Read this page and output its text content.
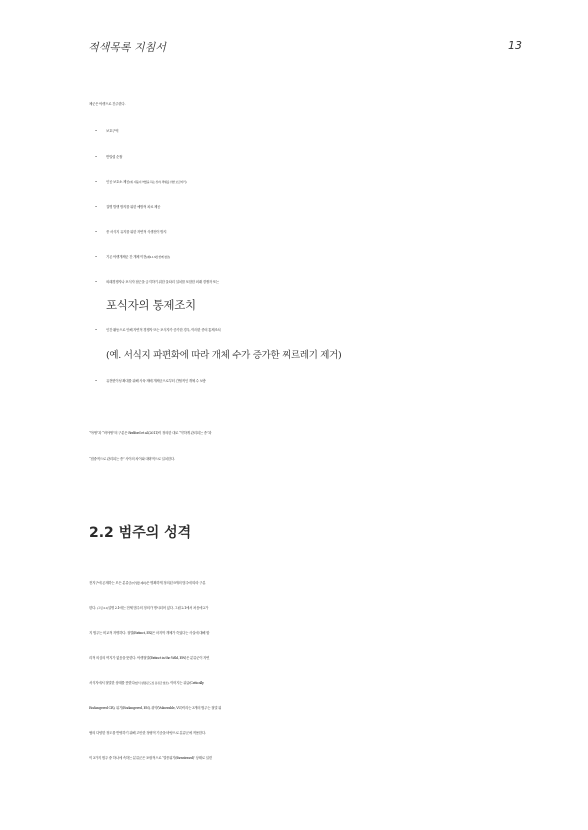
적색목록 지침서	13
체군은 야생으로 간주한다.
•	보호구역
•	반밀렵 순찰
•	인공 보호소 제공(예. 새둥지 역할을 하는 상자, 박쥐를 위한 보금자리)
•	질병 발생 방지를 위한 예방적 치료 제공
•	종 서식지 유지를 위한 자연적 식생천이 방지
•	기존 야생개체군 간 개체 이전(제2.1.3장 함께 참조)
•	외래경쟁자나 포식자 접근을 금지하기 위한 울타리 설치를 포함한 외래 경쟁자 또는
포식자의 통제조치
•	인간 활동으로 인해 자연적 경쟁자 또는 포식자가 증가한 경우, 이러한 종의 통제조치
(예. 서식지 파편화에 따라 개체 수가 증가한 찌르레기 제거)
•	유전변이성 확대를 위해 사육·재배 개체군으로부터 간헐적인 개체 수 보충
“야생”과 “비야생”의 구분은 Redford et al.(2011)이 정의한 대로 “약하게 관리되는 종”과
“집중적으로 관리되는 종” 사이의 차이와 대략적으로 일치한다.
2.2 범주의 성격
전지구에 존재하는 모든 분류군(미생물 제외)은 명확하게 정의된 9개의 범주에 따라 구분
한다. (그림 2.1)설명 2.1에는 전체 범주의 정의가 명시되어 있다. 그림 2.1에서 처음에 2가
지 범주는 비교적 자명하다. 절멸(Extinct, EX)은 마지막 개체가 죽었다는 사실에 대해 합
리적 의심의 여지가 없음을 뜻한다. 야생절멸(Extinct in the Wild, EW)은 분류군이 자연
서식지에서 절멸한 상태를 뜻한다(앞서 설명된 도입 분류군 참조). 이어지는 위급(Critically
Endangered CR), 위기(Endangered, EN), 취약(Vulnerable, VU)이라는 3개의 범주는 절멸 위
협의 다양한 정도를 반영하기 위해 고안한 정량적 기준을 바탕으로 분류군에 적용한다.
이 3가지 범주 중 하나에 속하는 분류군은 포괄적으로 ‘멸종위기(threatened)’ 상태로 일컫
